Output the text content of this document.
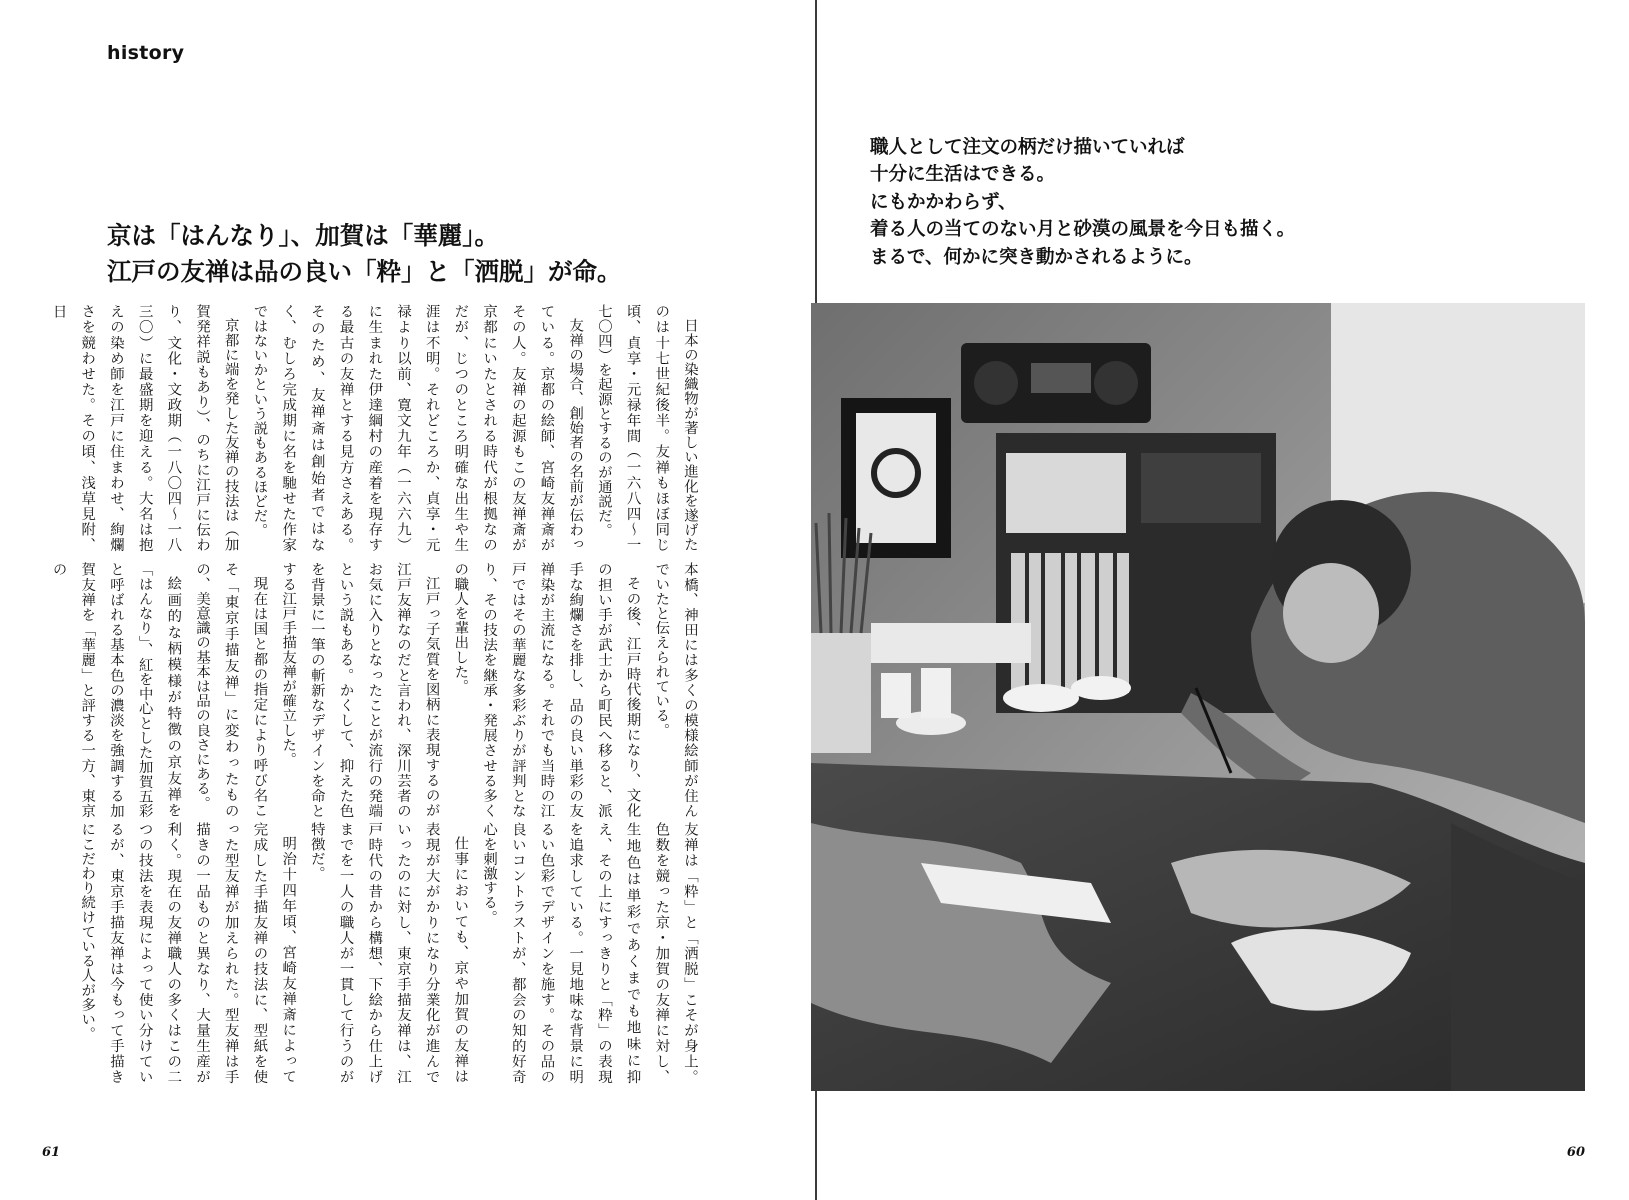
history
京は「はんなり」、加賀は「華麗」。
江戸の友禅は品の良い「粋」と「洒脱」が命。

日本の染織物が著しい進化を遂げたのは十七世紀後半。友禅もほぼ同じ頃、貞享・元禄年間（一六八四〜一七〇四）を起源とするのが通説だ。

友禅の場合、創始者の名前が伝わっている。京都の絵師、宮崎友禅斎がその人。友禅の起源もこの友禅斎が京都にいたとされる時代が根拠なのだが、じつのところ明確な出生や生涯は不明。それどころか、貞享・元禄より以前、寛文九年（一六六九）に生まれた伊達綱村の産着を現存する最古の友禅とする見方さえある。そのため、友禅斎は創始者ではなく、むしろ完成期に名を馳せた作家ではないかという説もあるほどだ。

京都に端を発した友禅の技法は（加賀発祥説もあり）、のちに江戸に伝わり、文化・文政期（一八〇四〜一八三〇）に最盛期を迎える。大名は抱えの染め師を江戸に住まわせ、絢爛さを競わせた。その頃、浅草見附、日

本橋、神田には多くの模様絵師が住んでいたと伝えられている。

その後、江戸時代後期になり、文化の担い手が武士から町民へ移ると、派手な絢爛さを排し、品の良い単彩の友禅染が主流になる。それでも当時の江戸ではその華麗な多彩ぶりが評判となり、その技法を継承・発展させる多くの職人を輩出した。

江戸っ子気質を図柄に表現するのが江戸友禅なのだと言われ、深川芸者のお気に入りとなったことが流行の発端という説もある。かくして、抑えた色を背景に一筆の斬新なデザインを命とする江戸手描友禅が確立した。

現在は国と都の指定により呼び名こそ「東京手描友禅」に変わったものの、美意識の基本は品の良さにある。

絵画的な柄模様が特徴の京友禅を「はんなり」、紅を中心とした加賀五彩と呼ばれる基本色の濃淡を強調する加賀友禅を「華麗」と評する一方、東京の

友禅は「粋」と「洒脱」こそが身上。色数を競った京・加賀の友禅に対し、生地色は単彩であくまでも地味に抑え、その上にすっきりと「粋」の表現を追求している。一見地味な背景に明るい色彩でデザインを施す。その品の良いコントラストが、都会の知的好奇心を刺激する。

仕事においても、京や加賀の友禅は表現が大がかりになり分業化が進んでいったのに対し、東京手描友禅は、江戸時代の昔から構想、下絵から仕上げまでを一人の職人が一貫して行うのが特徴だ。

明治十四年頃、宮崎友禅斎によって完成した手描友禅の技法に、型紙を使った型友禅が加えられた。型友禅は手描きの一品ものと異なり、大量生産が利く。現在の友禅職人の多くはこの二つの技法を表現によって使い分けているが、東京手描友禅は今もって手描きにこだわり続けている人が多い。

61
職人として注文の柄だけ描いていれば
十分に生活はできる。
にもかかわらず、
着る人の当てのない月と砂漠の風景を今日も描く。
まるで、何かに突き動かされるように。
60
